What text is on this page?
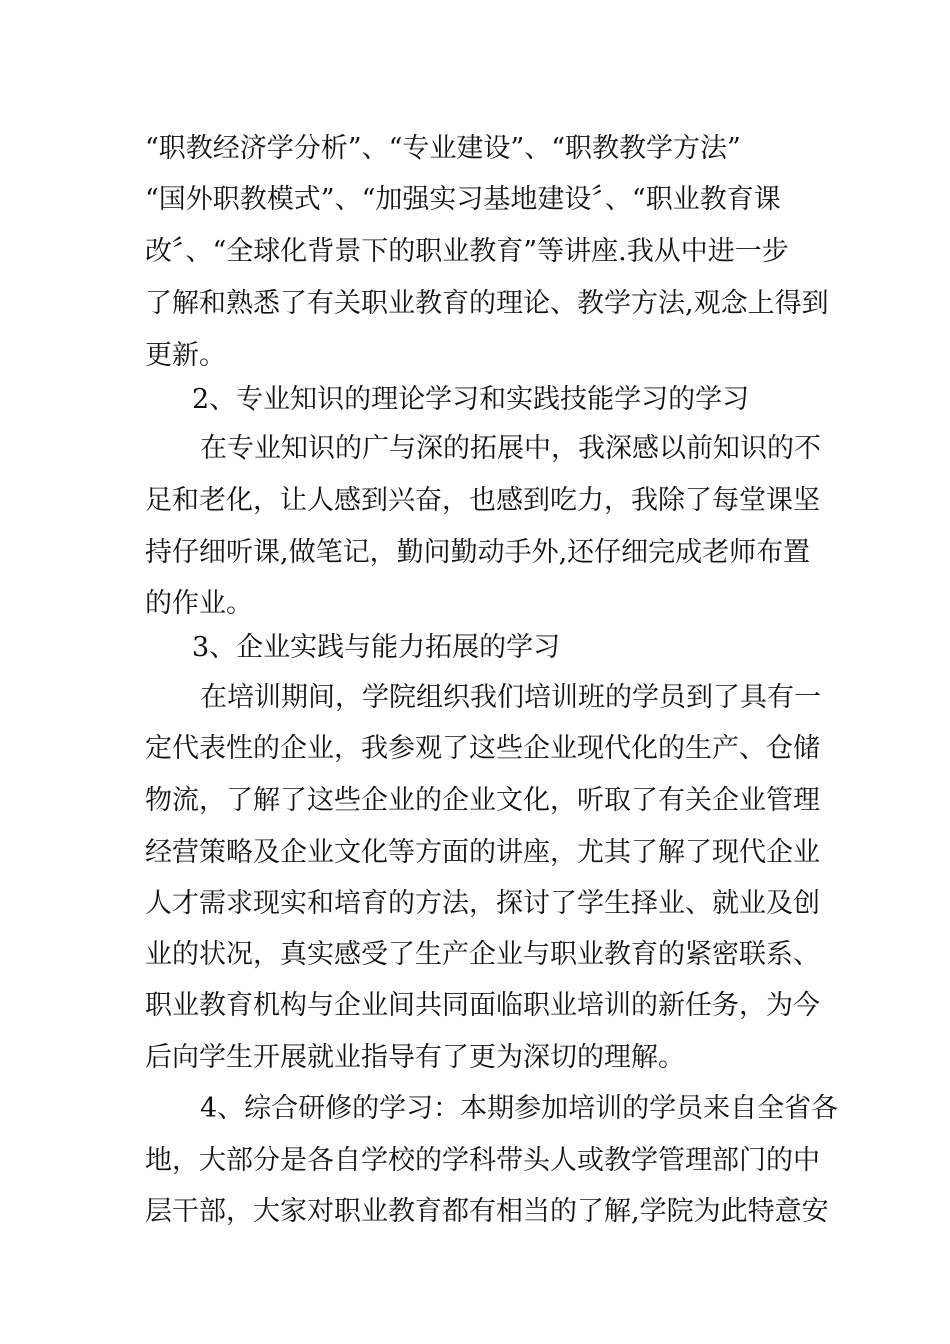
“职教经济学分析”、“专业建设”、“职教教学方法”
“国外职教模式”、“加强实习基地建设〞、“职业教育课
改〞、“全球化背景下的职业教育”等讲座.我从中进一步
了解和熟悉了有关职业教育的理论、教学方法,观念上得到
更新。
2、专业知识的理论学习和实践技能学习的学习
在专业知识的广与深的拓展中，我深感以前知识的不
足和老化，让人感到兴奋，也感到吃力，我除了每堂课坚
持仔细听课,做笔记，勤问勤动手外,还仔细完成老师布置
的作业。
3、企业实践与能力拓展的学习
在培训期间，学院组织我们培训班的学员到了具有一
定代表性的企业，我参观了这些企业现代化的生产、仓储
物流，了解了这些企业的企业文化，听取了有关企业管理
经营策略及企业文化等方面的讲座，尤其了解了现代企业
人才需求现实和培育的方法，探讨了学生择业、就业及创
业的状况，真实感受了生产企业与职业教育的紧密联系、
职业教育机构与企业间共同面临职业培训的新任务，为今
后向学生开展就业指导有了更为深切的理解。
4、综合研修的学习：本期参加培训的学员来自全省各
地，大部分是各自学校的学科带头人或教学管理部门的中
层干部，大家对职业教育都有相当的了解,学院为此特意安
